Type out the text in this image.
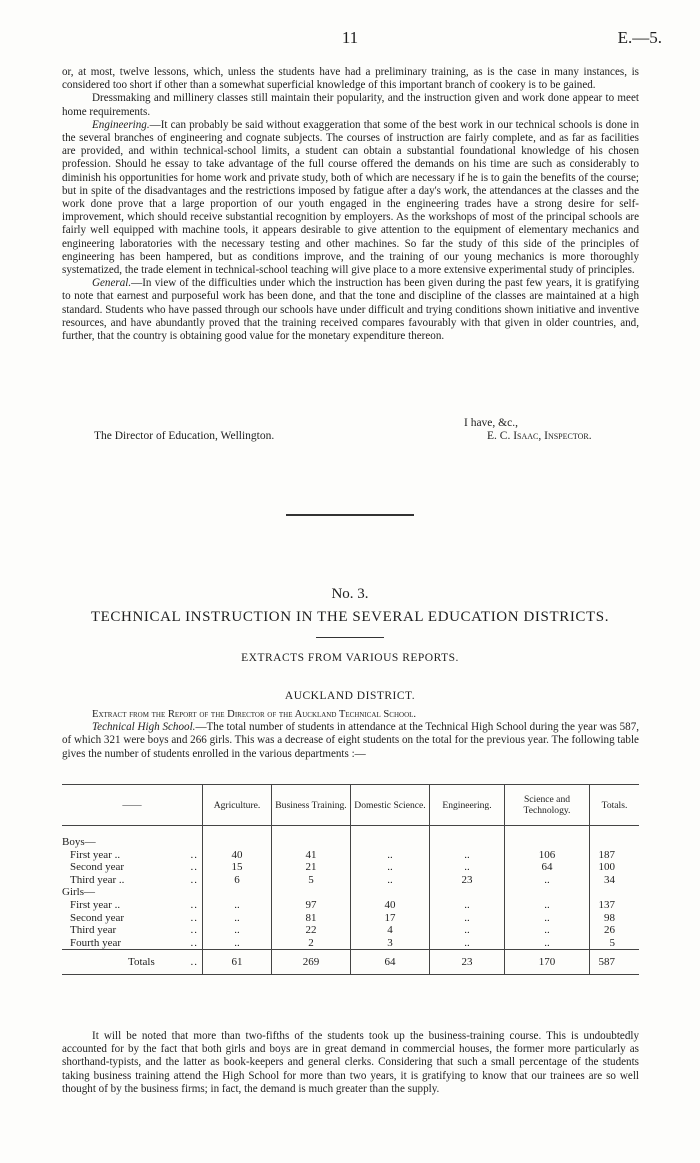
11	E.—5.

or, at most, twelve lessons, which, unless the students have had a preliminary training, as is the case in many instances, is considered too short if other than a somewhat superficial knowledge of this important branch of cookery is to be gained.

Dressmaking and millinery classes still maintain their popularity, and the instruction given and work done appear to meet home requirements.

Engineering.—It can probably be said without exaggeration that some of the best work in our technical schools is done in the several branches of engineering and cognate subjects. The courses of instruction are fairly complete, and as far as facilities are provided, and within technical-school limits, a student can obtain a substantial foundational knowledge of his chosen profession. Should he essay to take advantage of the full course offered the demands on his time are such as considerably to diminish his opportunities for home work and private study, both of which are necessary if he is to gain the benefits of the course; but in spite of the disadvantages and the restrictions imposed by fatigue after a day's work, the attendances at the classes and the work done prove that a large proportion of our youth engaged in the engineering trades have a strong desire for self-improvement, which should receive substantial recognition by employers. As the workshops of most of the principal schools are fairly well equipped with machine tools, it appears desirable to give attention to the equipment of elementary mechanics and engineering laboratories with the necessary testing and other machines. So far the study of this side of the principles of engineering has been hampered, but as conditions improve, and the training of our young mechanics is more thoroughly systematized, the trade element in technical-school teaching will give place to a more extensive experimental study of principles.

General.—In view of the difficulties under which the instruction has been given during the past few years, it is gratifying to note that earnest and purposeful work has been done, and that the tone and discipline of the classes are maintained at a high standard. Students who have passed through our schools have under difficult and trying conditions shown initiative and inventive resources, and have abundantly proved that the training received compares favourably with that given in older countries, and, further, that the country is obtaining good value for the monetary expenditure thereon.

I have, &c.,
The Director of Education, Wellington.	E. C. Isaac, Inspector.
No. 3.
TECHNICAL INSTRUCTION IN THE SEVERAL EDUCATION DISTRICTS.
EXTRACTS FROM VARIOUS REPORTS.
AUCKLAND DISTRICT.

Extract from the Report of the Director of the Auckland Technical School.

Technical High School.—The total number of students in attendance at the Technical High School during the year was 587, of which 321 were boys and 266 girls. This was a decrease of eight students on the total for the previous year. The following table gives the number of students enrolled in the various departments :—

——	Agriculture.	Business Training.	Domestic Science.	Engineering.	Science and Technology.	Totals.

Boys—						

First year .. ..	40	41	..	..	106	187

Second year ..	15	21	..	..	64	100

Third year .. ..	6	5	..	23	..	34

Girls—						

First year .. ..	..	97	40	..	..	137

Second year ..	..	81	17	..	..	98

Third year ..	..	22	4	..	..	26

Fourth year ..	..	2	3	..	..	5

Totals ..	61	269	64	23	170	587

It will be noted that more than two-fifths of the students took up the business-training course. This is undoubtedly accounted for by the fact that both girls and boys are in great demand in commercial houses, the former more particularly as shorthand-typists, and the latter as book-keepers and general clerks. Considering that such a small percentage of the students taking business training attend the High School for more than two years, it is gratifying to know that our trainees are so well thought of by the business firms; in fact, the demand is much greater than the supply.
